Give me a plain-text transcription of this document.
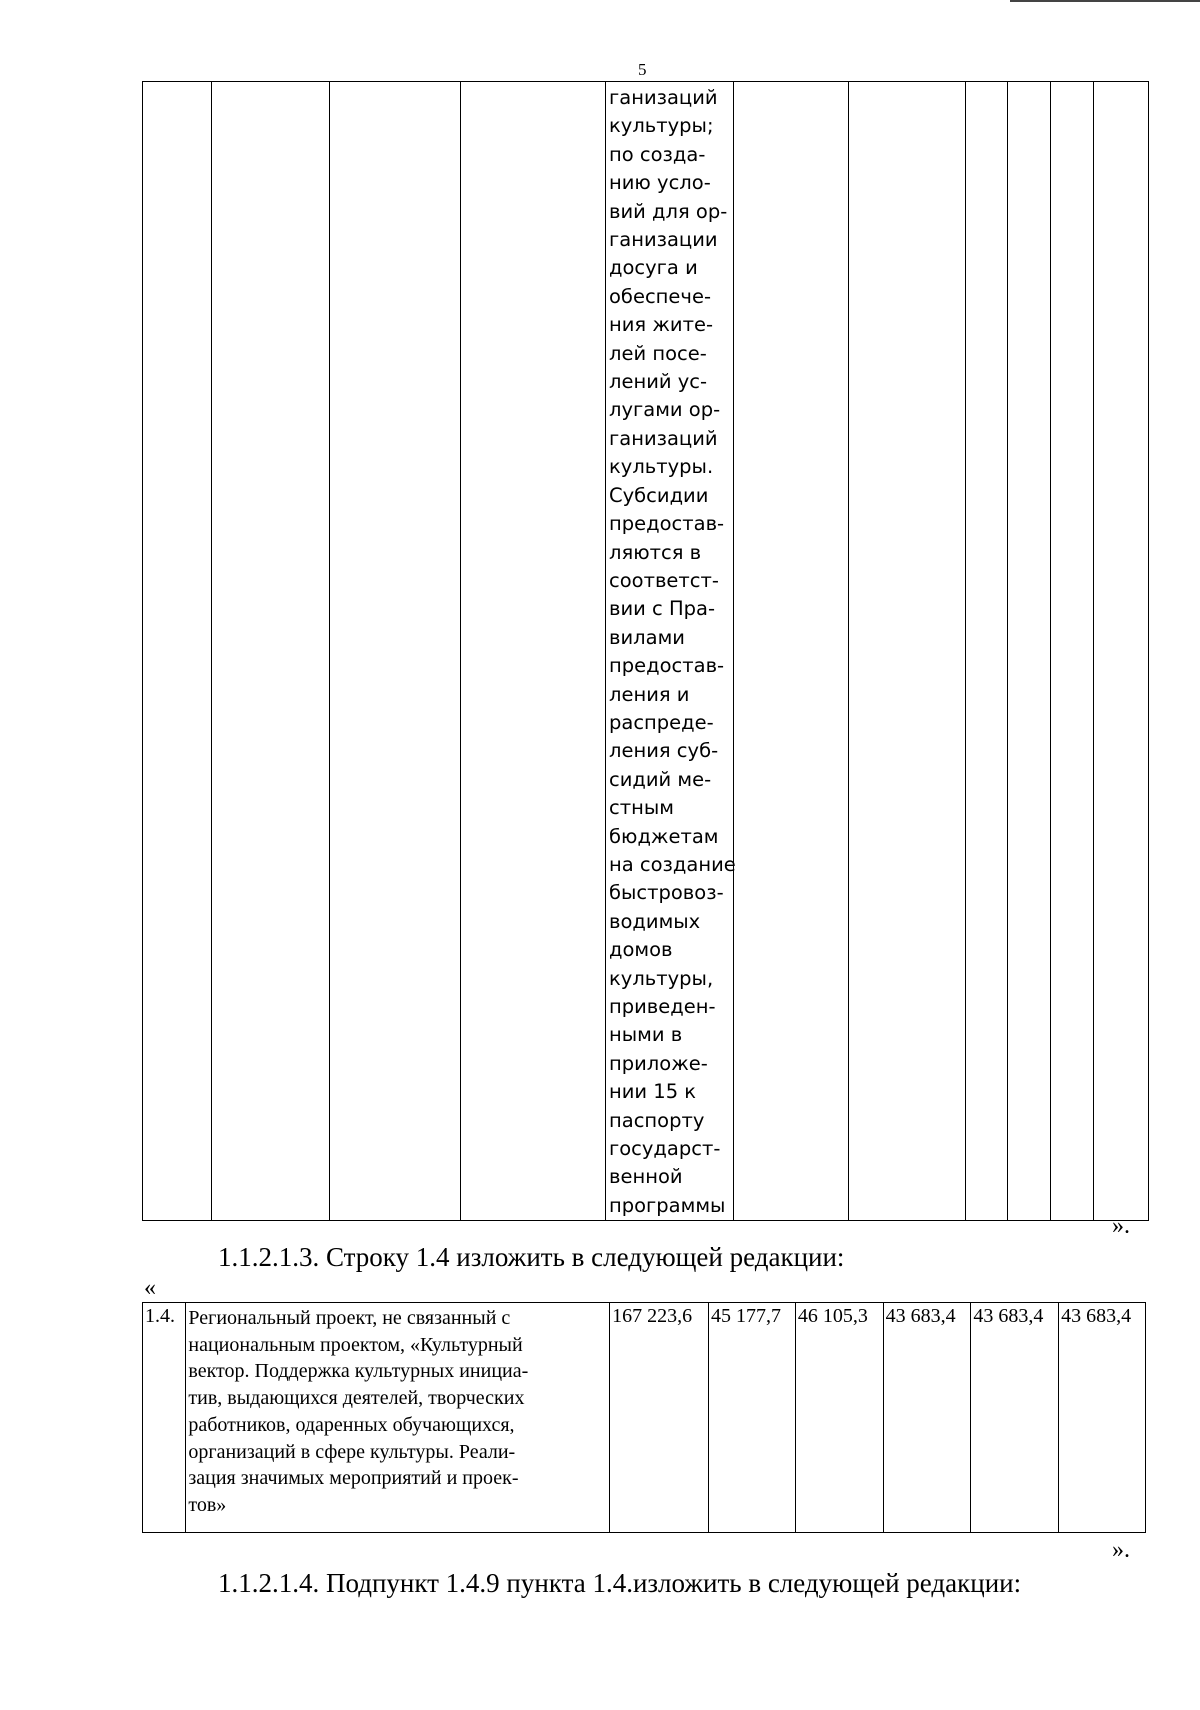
5

ганизаций
культуры;
по созда-
нию усло-
вий для ор-
ганизации
досуга и
обеспече-
ния жите-
лей посе-
лений ус-
лугами ор-
ганизаций
культуры.
Субсидии
предостав-
ляются в
соответст-
вии с Пра-
вилами
предостав-
ления и
распреде-
ления суб-
сидий ме-
стным
бюджетам
на создание
быстровоз-
водимых
домов
культуры,
приведен-
ными в
приложе-
нии 15 к
паспорту
государст-
венной
программы

».
1.1.2.1.3. Строку 1.4 изложить в следующей редакции:
«
1.4.	Региональный проект, не связанный с
национальным проектом, «Культурный
вектор. Поддержка культурных инициа-
тив, выдающихся деятелей, творческих
работников, одаренных обучающихся,
организаций в сфере культуры. Реали-
зация значимых мероприятий и проек-
тов»
	167 223,6	45 177,7	46 105,3	43 683,4	43 683,4	43 683,4
».
1.1.2.1.4. Подпункт 1.4.9 пункта 1.4.изложить в следующей редакции:
